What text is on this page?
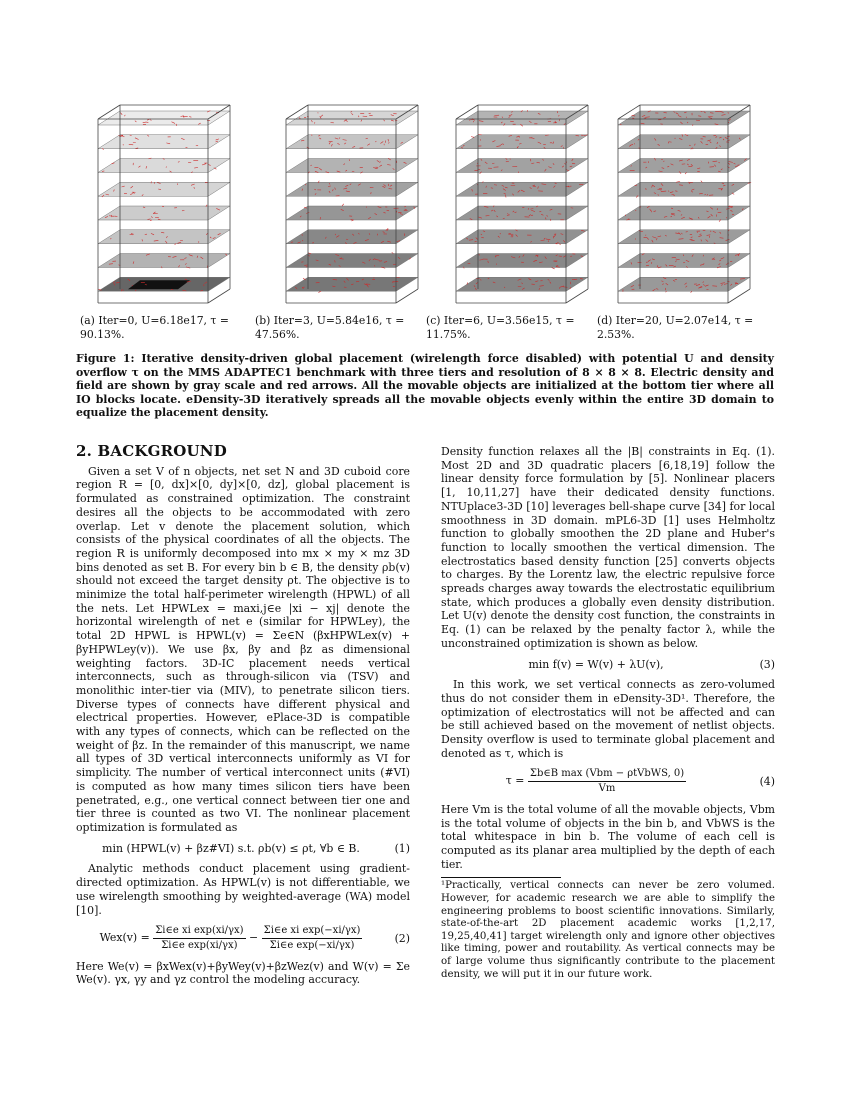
(a) Iter=0, U=6.18e17, τ = 90.13%.
(b) Iter=3, U=5.84e16, τ = 47.56%.
(c) Iter=6, U=3.56e15, τ = 11.75%.
(d) Iter=20, U=2.07e14, τ = 2.53%.
Figure 1: Iterative density-driven global placement (wirelength force disabled) with potential U and density overflow τ on the MMS ADAPTEC1 benchmark with three tiers and resolution of 8 × 8 × 8. Electric density and field are shown by gray scale and red arrows. All the movable objects are initialized at the bottom tier where all IO blocks locate. eDensity-3D iteratively spreads all the movable objects evenly within the entire 3D domain to equalize the placement density.
2. BACKGROUND

Given a set V of n objects, net set N and 3D cuboid core region R = [0, dx]×[0, dy]×[0, dz], global placement is formulated as constrained optimization. The constraint desires all the objects to be accommodated with zero overlap. Let v denote the placement solution, which consists of the physical coordinates of all the objects. The region R is uniformly decomposed into mx × my × mz 3D bins denoted as set B. For every bin b ∈ B, the density ρb(v) should not exceed the target density ρt. The objective is to minimize the total half-perimeter wirelength (HPWL) of all the nets. Let HPWLex = maxi,j∈e |xi − xj| denote the horizontal wirelength of net e (similar for HPWLey), the total 2D HPWL is HPWL(v) = Σe∈N (βxHPWLex(v) + βyHPWLey(v)). We use βx, βy and βz as dimensional weighting factors. 3D-IC placement needs vertical interconnects, such as through-silicon via (TSV) and monolithic inter-tier via (MIV), to penetrate silicon tiers. Diverse types of connects have different physical and electrical properties. However, ePlace-3D is compatible with any types of connects, which can be reflected on the weight of βz. In the remainder of this manuscript, we name all types of 3D vertical interconnects uniformly as VI for simplicity. The number of vertical interconnect units (#VI) is computed as how many times silicon tiers have been penetrated, e.g., one vertical connect between tier one and tier three is counted as two VI. The nonlinear placement optimization is formulated as

min (HPWL(v) + βz#VI) s.t. ρb(v) ≤ ρt, ∀b ∈ B.	(1)

Analytic methods conduct placement using gradient-directed optimization. As HPWL(v) is not differentiable, we use wirelength smoothing by weighted-average (WA) model [10].

$Wex(v) = \frac{\text{Σi∈e xi exp(xi/γx)}}{\text{Σi∈e exp(xi/γx)}} - \frac{\text{Σi∈e xi exp(−xi/γx)}}{\text{Σi∈e exp(−xi/γx)}}$	(2)

Here We(v) = βxWex(v)+βyWey(v)+βzWez(v) and W(v) = Σe We(v). γx, γy and γz control the modeling accuracy.

Density function relaxes all the |B| constraints in Eq. (1). Most 2D and 3D quadratic placers [6,18,19] follow the linear density force formulation by [5]. Nonlinear placers [1, 10,11,27] have their dedicated density functions. NTUplace3-3D [10] leverages bell-shape curve [34] for local smoothness in 3D domain. mPL6-3D [1] uses Helmholtz function to globally smoothen the 2D plane and Huber's function to locally smoothen the vertical dimension. The electrostatics based density function [25] converts objects to charges. By the Lorentz law, the electric repulsive force spreads charges away towards the electrostatic equilibrium state, which produces a globally even density distribution. Let U(v) denote the density cost function, the constraints in Eq. (1) can be relaxed by the penalty factor λ, while the unconstrained optimization is shown as below.

min f(v) = W(v) + λU(v),	(3)

In this work, we set vertical connects as zero-volumed thus do not consider them in eDensity-3D¹. Therefore, the optimization of electrostatics will not be affected and can be still achieved based on the movement of netlist objects. Density overflow is used to terminate global placement and denoted as τ, which is

$\tau = \frac{\text{Σb∈B max (Vbm − ρtVbWS, 0)}}{Vm}$	(4)

Here Vm is the total volume of all the movable objects, Vbm is the total volume of objects in the bin b, and VbWS is the total whitespace in bin b. The volume of each cell is computed as its planar area multiplied by the depth of each tier.

¹Practically, vertical connects can never be zero volumed. However, for academic research we are able to simplify the engineering problems to boost scientific innovations. Similarly, state-of-the-art 2D placement academic works [1,2,17, 19,25,40,41] target wirelength only and ignore other objectives like timing, power and routability. As vertical connects may be of large volume thus significantly contribute to the placement density, we will put it in our future work.
